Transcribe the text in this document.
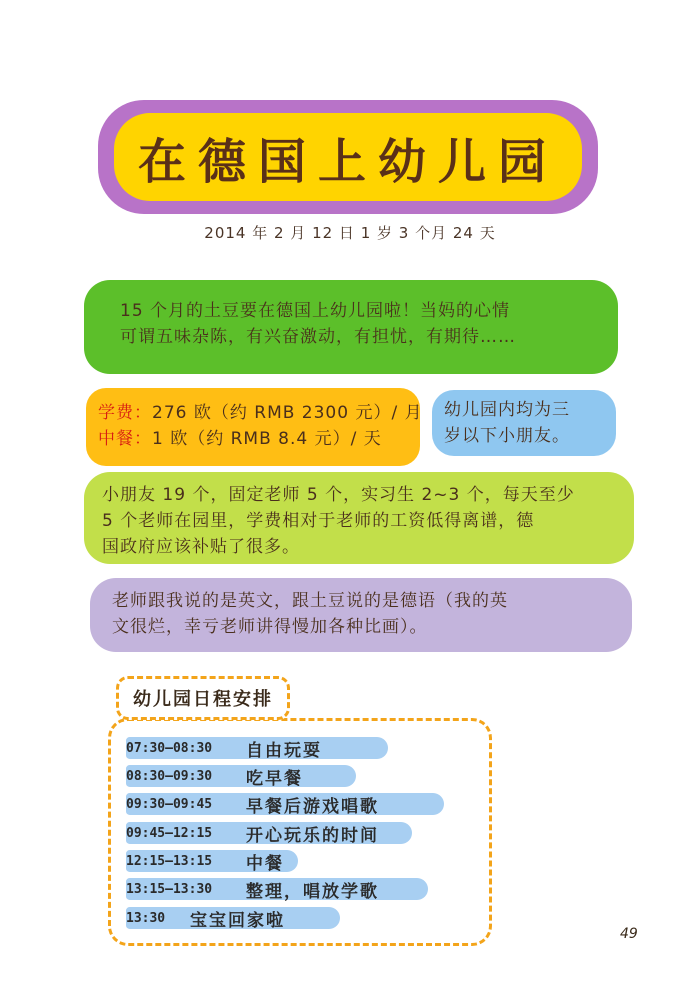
在德国上幼儿园
2014 年 2 月 12 日 1 岁 3 个月 24 天
15 个月的土豆要在德国上幼儿园啦！当妈的心情
可谓五味杂陈，有兴奋激动，有担忧，有期待……
学费：276 欧（约 RMB 2300 元）/ 月
中餐：1 欧（约 RMB 8.4 元）/ 天
幼儿园内均为三
岁以下小朋友。
小朋友 19 个，固定老师 5 个，实习生 2~3 个，每天至少
5 个老师在园里，学费相对于老师的工资低得离谱，德
国政府应该补贴了很多。
老师跟我说的是英文，跟土豆说的是德语（我的英
文很烂，幸亏老师讲得慢加各种比画）。
幼儿园日程安排
07:30—08:30	自由玩耍
08:30—09:30	吃早餐
09:30—09:45	早餐后游戏唱歌
09:45—12:15	开心玩乐的时间
12:15—13:15	中餐
13:15—13:30	整理，唱放学歌
13:30	宝宝回家啦
49
